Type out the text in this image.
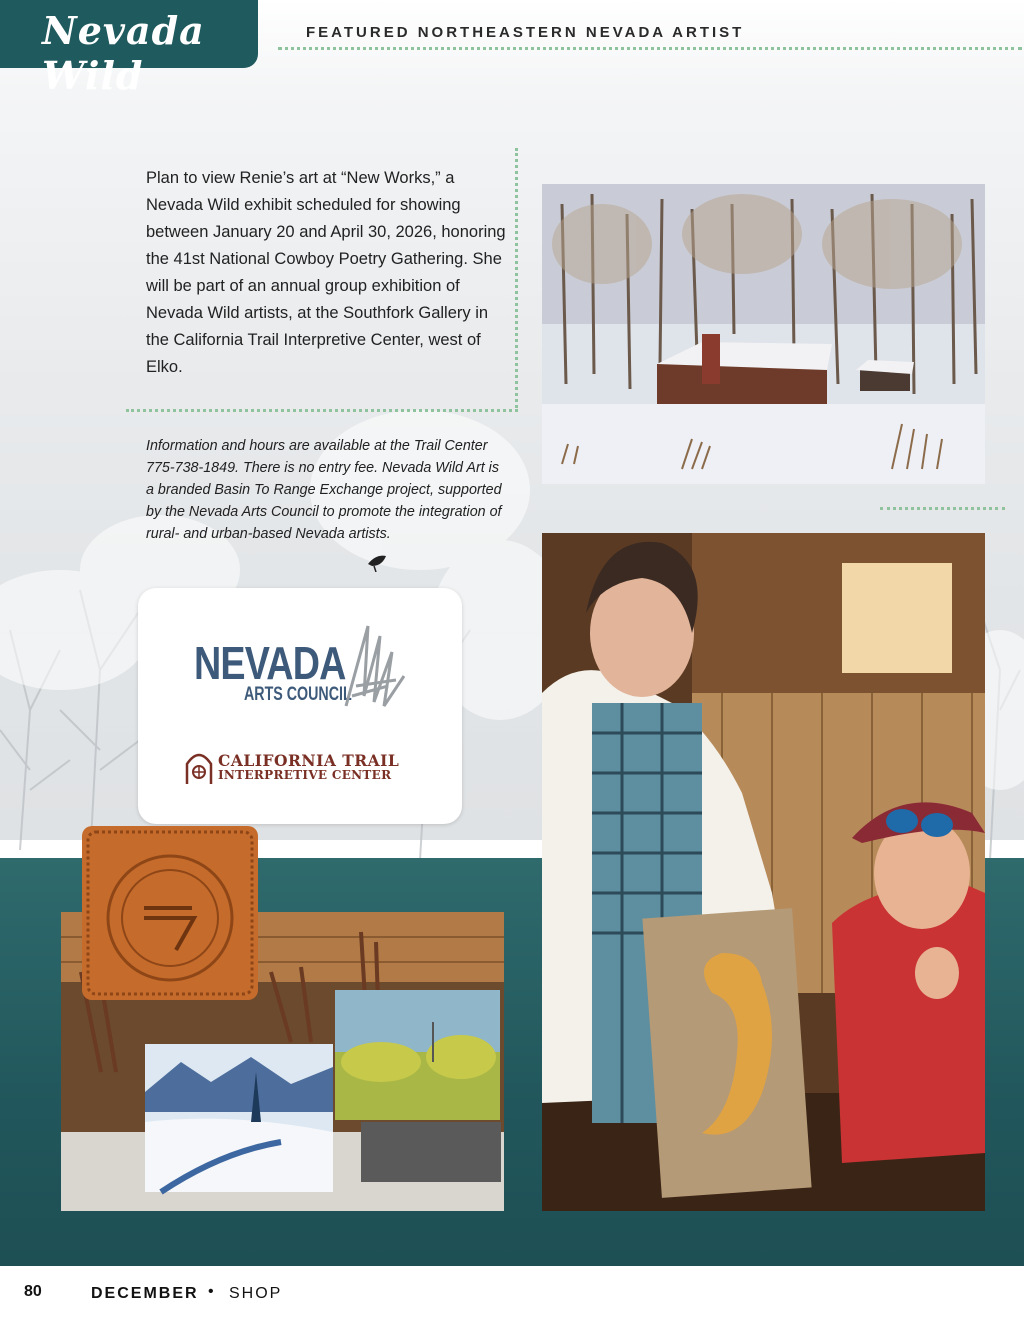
Nevada Wild
FEATURED NORTHEASTERN NEVADA ARTIST
Plan to view Renie’s art at “New Works,” a Nevada Wild exhibit scheduled for showing between January 20 and April 30, 2026, honoring the 41st National Cowboy Poetry Gathering. She will be part of an annual group exhibition of Nevada Wild artists, at the Southfork Gallery in the California Trail Interpretive Center, west of Elko.
Information and hours are available at the Trail Center 775-738-1849. There is no entry fee. Nevada Wild Art is a branded Basin To Range Exchange project, supported by the Nevada Arts Council to promote the integration of rural- and urban-based Nevada artists.
NEVADA
ARTS COUNCIL
CALIFORNIA TRAIL
INTERPRETIVE CENTER
80	DECEMBER • SHOP
